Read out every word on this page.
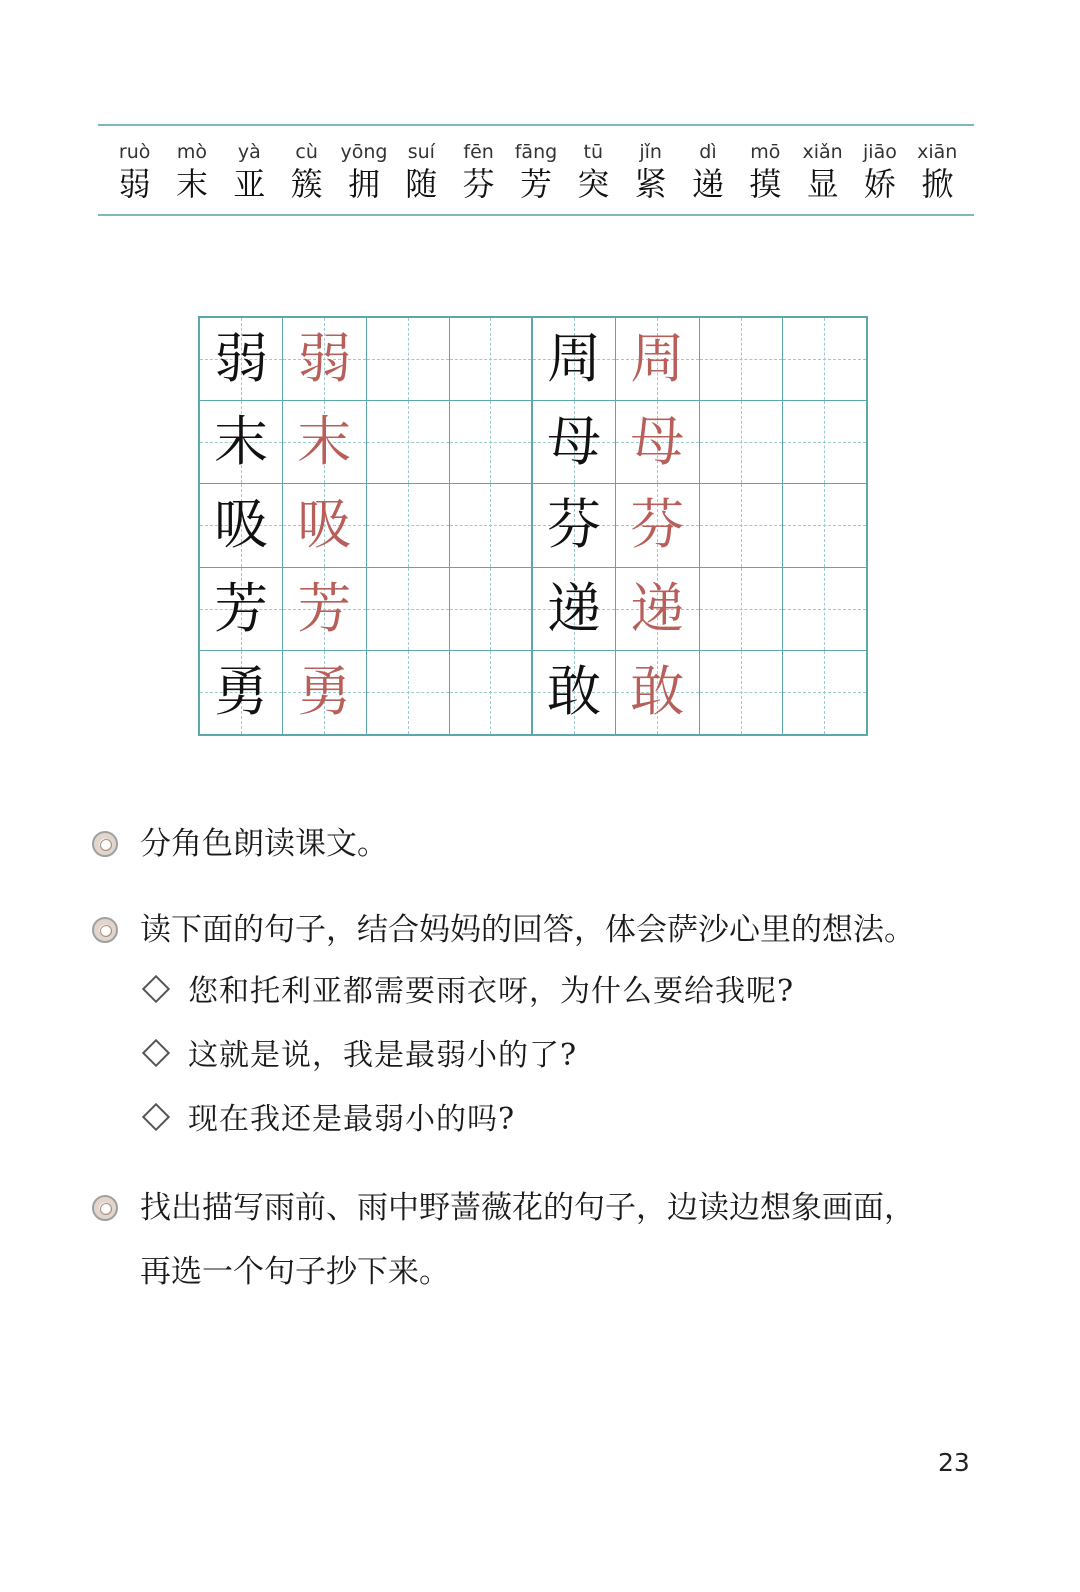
ruò
弱
mò
末
yà
亚
cù
簇
yōng
拥
suí
随
fēn
芬
fāng
芳
tū
突
jǐn
紧
dì
递
mō
摸
xiǎn
显
jiāo
娇
xiān
掀
弱 弱	周 周
末 末	母 母
吸 吸	芬 芬
芳 芳	递 递
勇 勇	敢 敢
分角色朗读课文。
读下面的句子，结合妈妈的回答，体会萨沙心里的想法。
您和托利亚都需要雨衣呀，为什么要给我呢?
这就是说，我是最弱小的了?
现在我还是最弱小的吗?
找出描写雨前、雨中野蔷薇花的句子，边读边想象画面，
再选一个句子抄下来。
23
